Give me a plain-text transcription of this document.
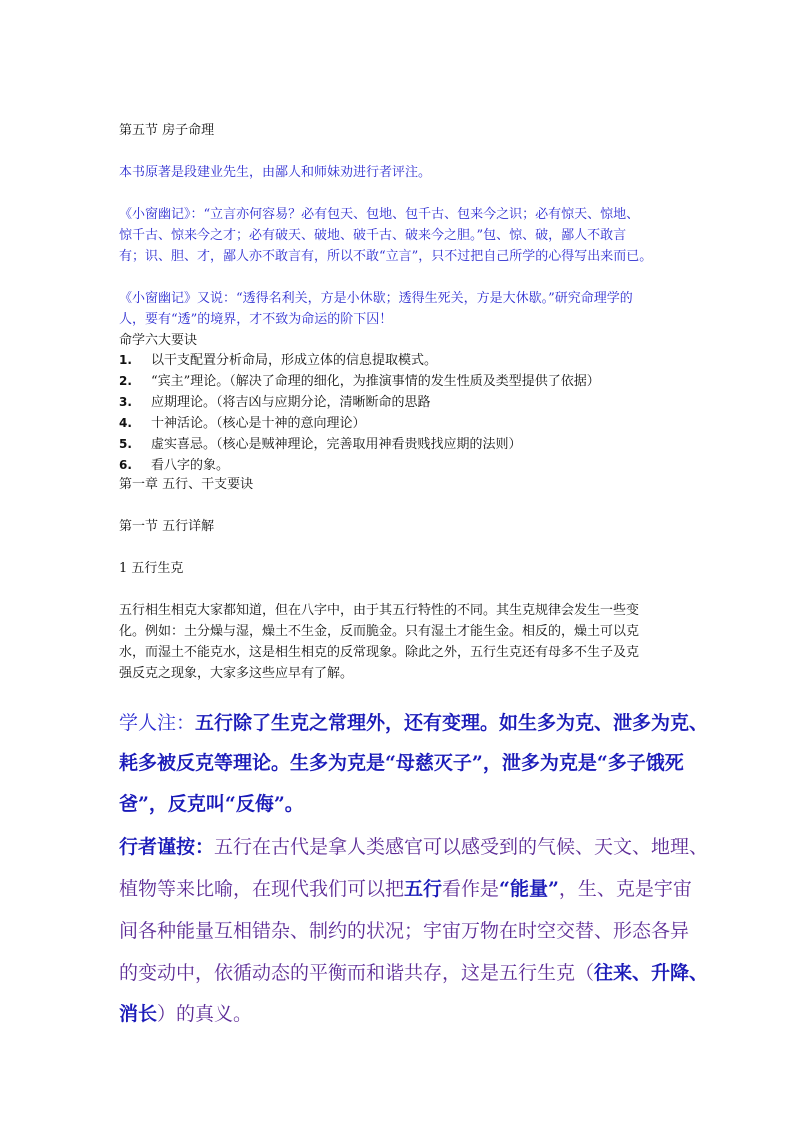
第五节 房子命理
本书原著是段建业先生，由鄙人和师妹劝进行者评注。
《小窗幽记》：“立言亦何容易？必有包天、包地、包千古、包来今之识；必有惊天、惊地、
惊千古、惊来今之才；必有破天、破地、破千古、破来今之胆。”包、惊、破，鄙人不敢言
有；识、胆、才，鄙人亦不敢言有，所以不敢“立言”，只不过把自己所学的心得写出来而已。
《小窗幽记》又说：“透得名利关，方是小休歇；透得生死关，方是大休歇。”研究命理学的
人，要有“透”的境界，才不致为命运的阶下囚！
命学六大要诀
1. 以干支配置分析命局，形成立体的信息提取模式。
2. “宾主”理论。（解决了命理的细化，为推演事情的发生性质及类型提供了依据）
3. 应期理论。（将吉凶与应期分论，清晰断命的思路
4. 十神活论。（核心是十神的意向理论）
5. 虚实喜忌。（核心是贼神理论，完善取用神看贵贱找应期的法则）
6. 看八字的象。
第一章 五行、干支要诀
第一节 五行详解
1 五行生克
五行相生相克大家都知道，但在八字中，由于其五行特性的不同。其生克规律会发生一些变
化。例如：土分燥与湿，燥土不生金，反而脆金。只有湿土才能生金。相反的，燥土可以克
水，而湿土不能克水，这是相生相克的反常现象。除此之外，五行生克还有母多不生子及克
强反克之现象，大家多这些应早有了解。
学人注：五行除了生克之常理外，还有变理。如生多为克、泄多为克、
耗多被反克等理论。生多为克是“母慈灭子”，泄多为克是“多子饿死
爸”，反克叫“反侮”。
行者谨按：五行在古代是拿人类感官可以感受到的气候、天文、地理、
植物等来比喻，在现代我们可以把五行看作是“能量”，生、克是宇宙
间各种能量互相错杂、制约的状况；宇宙万物在时空交替、形态各异
的变动中，依循动态的平衡而和谐共存，这是五行生克（往来、升降、
消长）的真义。
